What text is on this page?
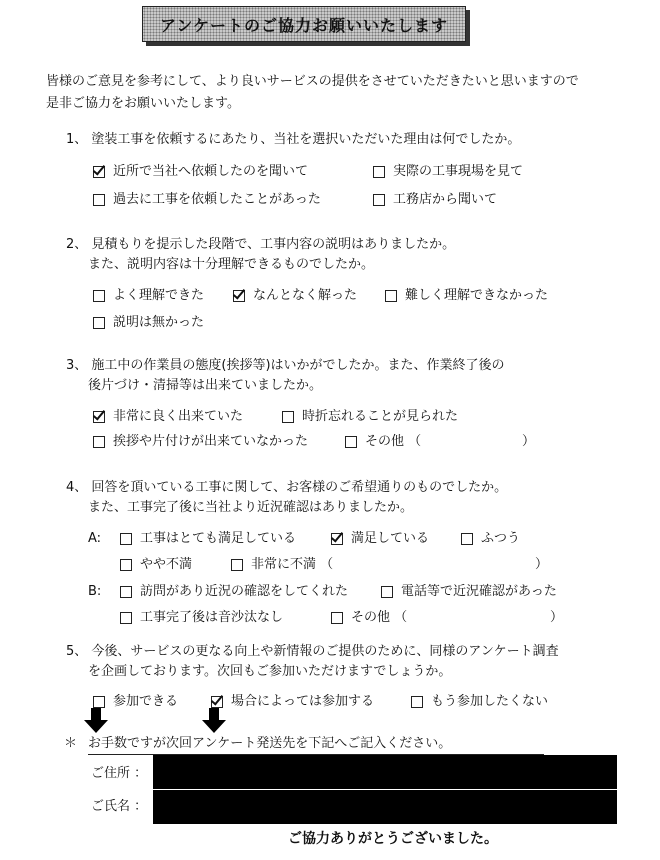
アンケートのご協力お願いいたします
皆様のご意見を参考にして、より良いサービスの提供をさせていただきたいと思いますので
是非ご協力をお願いいたします。
1、 塗装工事を依頼するにあたり、当社を選択いただいた理由は何でしたか。
近所で当社へ依頼したのを聞いて	実際の工事現場を見て
過去に工事を依頼したことがあった	工務店から聞いて
2、 見積もりを提示した段階で、工事内容の説明はありましたか。
また、説明内容は十分理解できるものでしたか。
よく理解できた	なんとなく解った	難しく理解できなかった
説明は無かった
3、 施工中の作業員の態度(挨拶等)はいかがでしたか。また、作業終了後の
後片づけ・清掃等は出来ていましたか。
非常に良く出来ていた	時折忘れることが見られた
挨拶や片付けが出来ていなかった	その他 （	）
4、 回答を頂いている工事に関して、お客様のご希望通りのものでしたか。
また、工事完了後に当社より近況確認はありましたか。
A:	工事はとても満足している	満足している	ふつう
やや不満	非常に不満 （	）
B:	訪問があり近況の確認をしてくれた	電話等で近況確認があった
工事完了後は音沙汰なし	その他 （	）
5、 今後、サービスの更なる向上や新情報のご提供のために、同様のアンケート調査
を企画しております。次回もご参加いただけますでしょうか。
参加できる	場合によっては参加する	もう参加したくない
＊ お手数ですが次回アンケート発送先を下記へご記入ください。
ご住所 ：
ご氏名 ：
ご協力ありがとうございました。
